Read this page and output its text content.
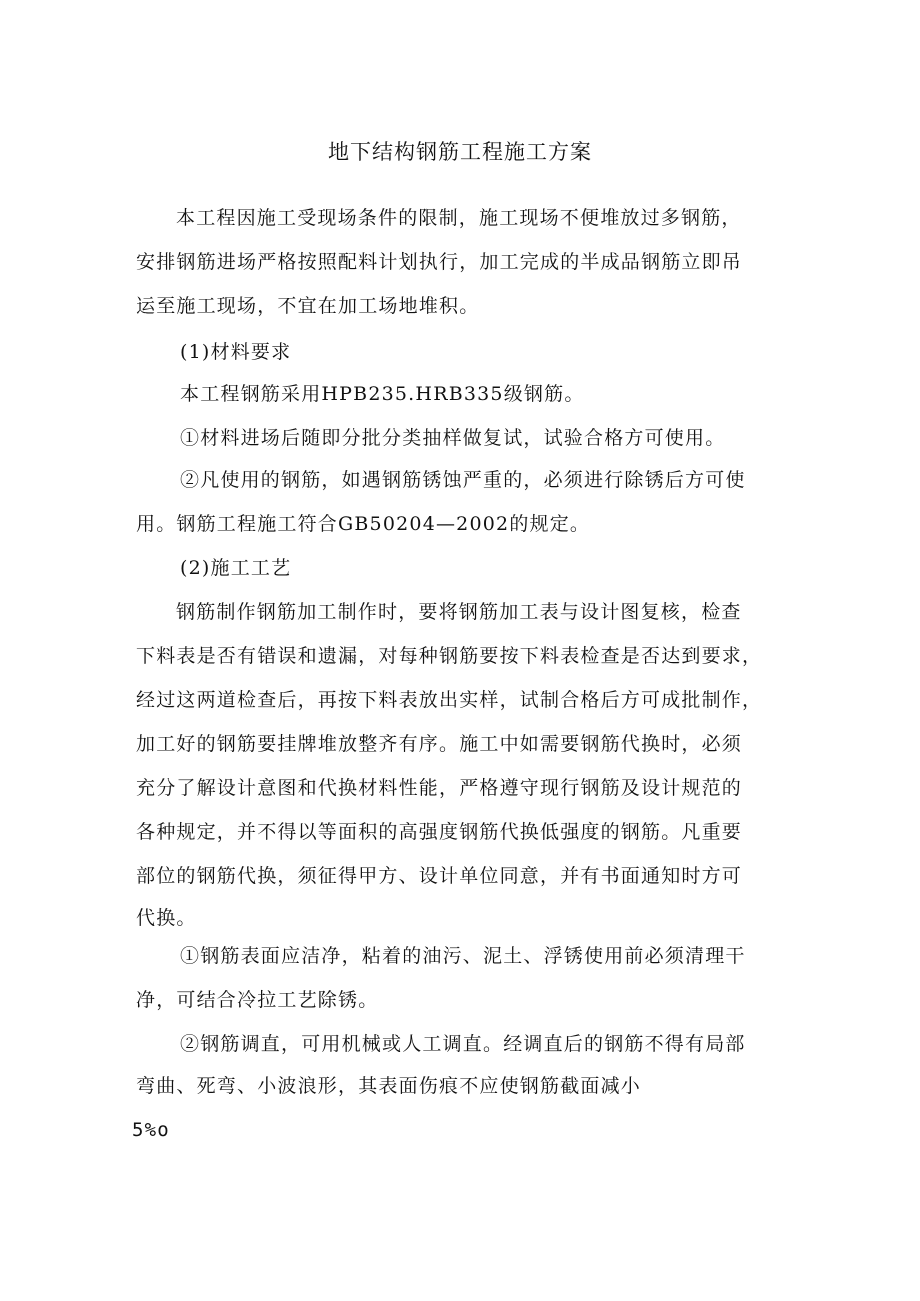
地下结构钢筋工程施工方案
本工程因施工受现场条件的限制，施工现场不便堆放过多钢筋，
安排钢筋进场严格按照配料计划执行，加工完成的半成品钢筋立即吊
运至施工现场，不宜在加工场地堆积。
(1)材料要求
本工程钢筋采用HPB235.HRB335级钢筋。
①材料进场后随即分批分类抽样做复试，试验合格方可使用。
②凡使用的钢筋，如遇钢筋锈蚀严重的，必须进行除锈后方可使
用。钢筋工程施工符合GB50204—2002的规定。
(2)施工工艺
钢筋制作钢筋加工制作时，要将钢筋加工表与设计图复核，检查
下料表是否有错误和遗漏，对每种钢筋要按下料表检查是否达到要求，
经过这两道检查后，再按下料表放出实样，试制合格后方可成批制作，
加工好的钢筋要挂牌堆放整齐有序。施工中如需要钢筋代换时，必须
充分了解设计意图和代换材料性能，严格遵守现行钢筋及设计规范的
各种规定，并不得以等面积的高强度钢筋代换低强度的钢筋。凡重要
部位的钢筋代换，须征得甲方、设计单位同意，并有书面通知时方可
代换。
①钢筋表面应洁净，粘着的油污、泥土、浮锈使用前必须清理干
净，可结合冷拉工艺除锈。
②钢筋调直，可用机械或人工调直。经调直后的钢筋不得有局部
弯曲、死弯、小波浪形，其表面伤痕不应使钢筋截面减小
5%o
